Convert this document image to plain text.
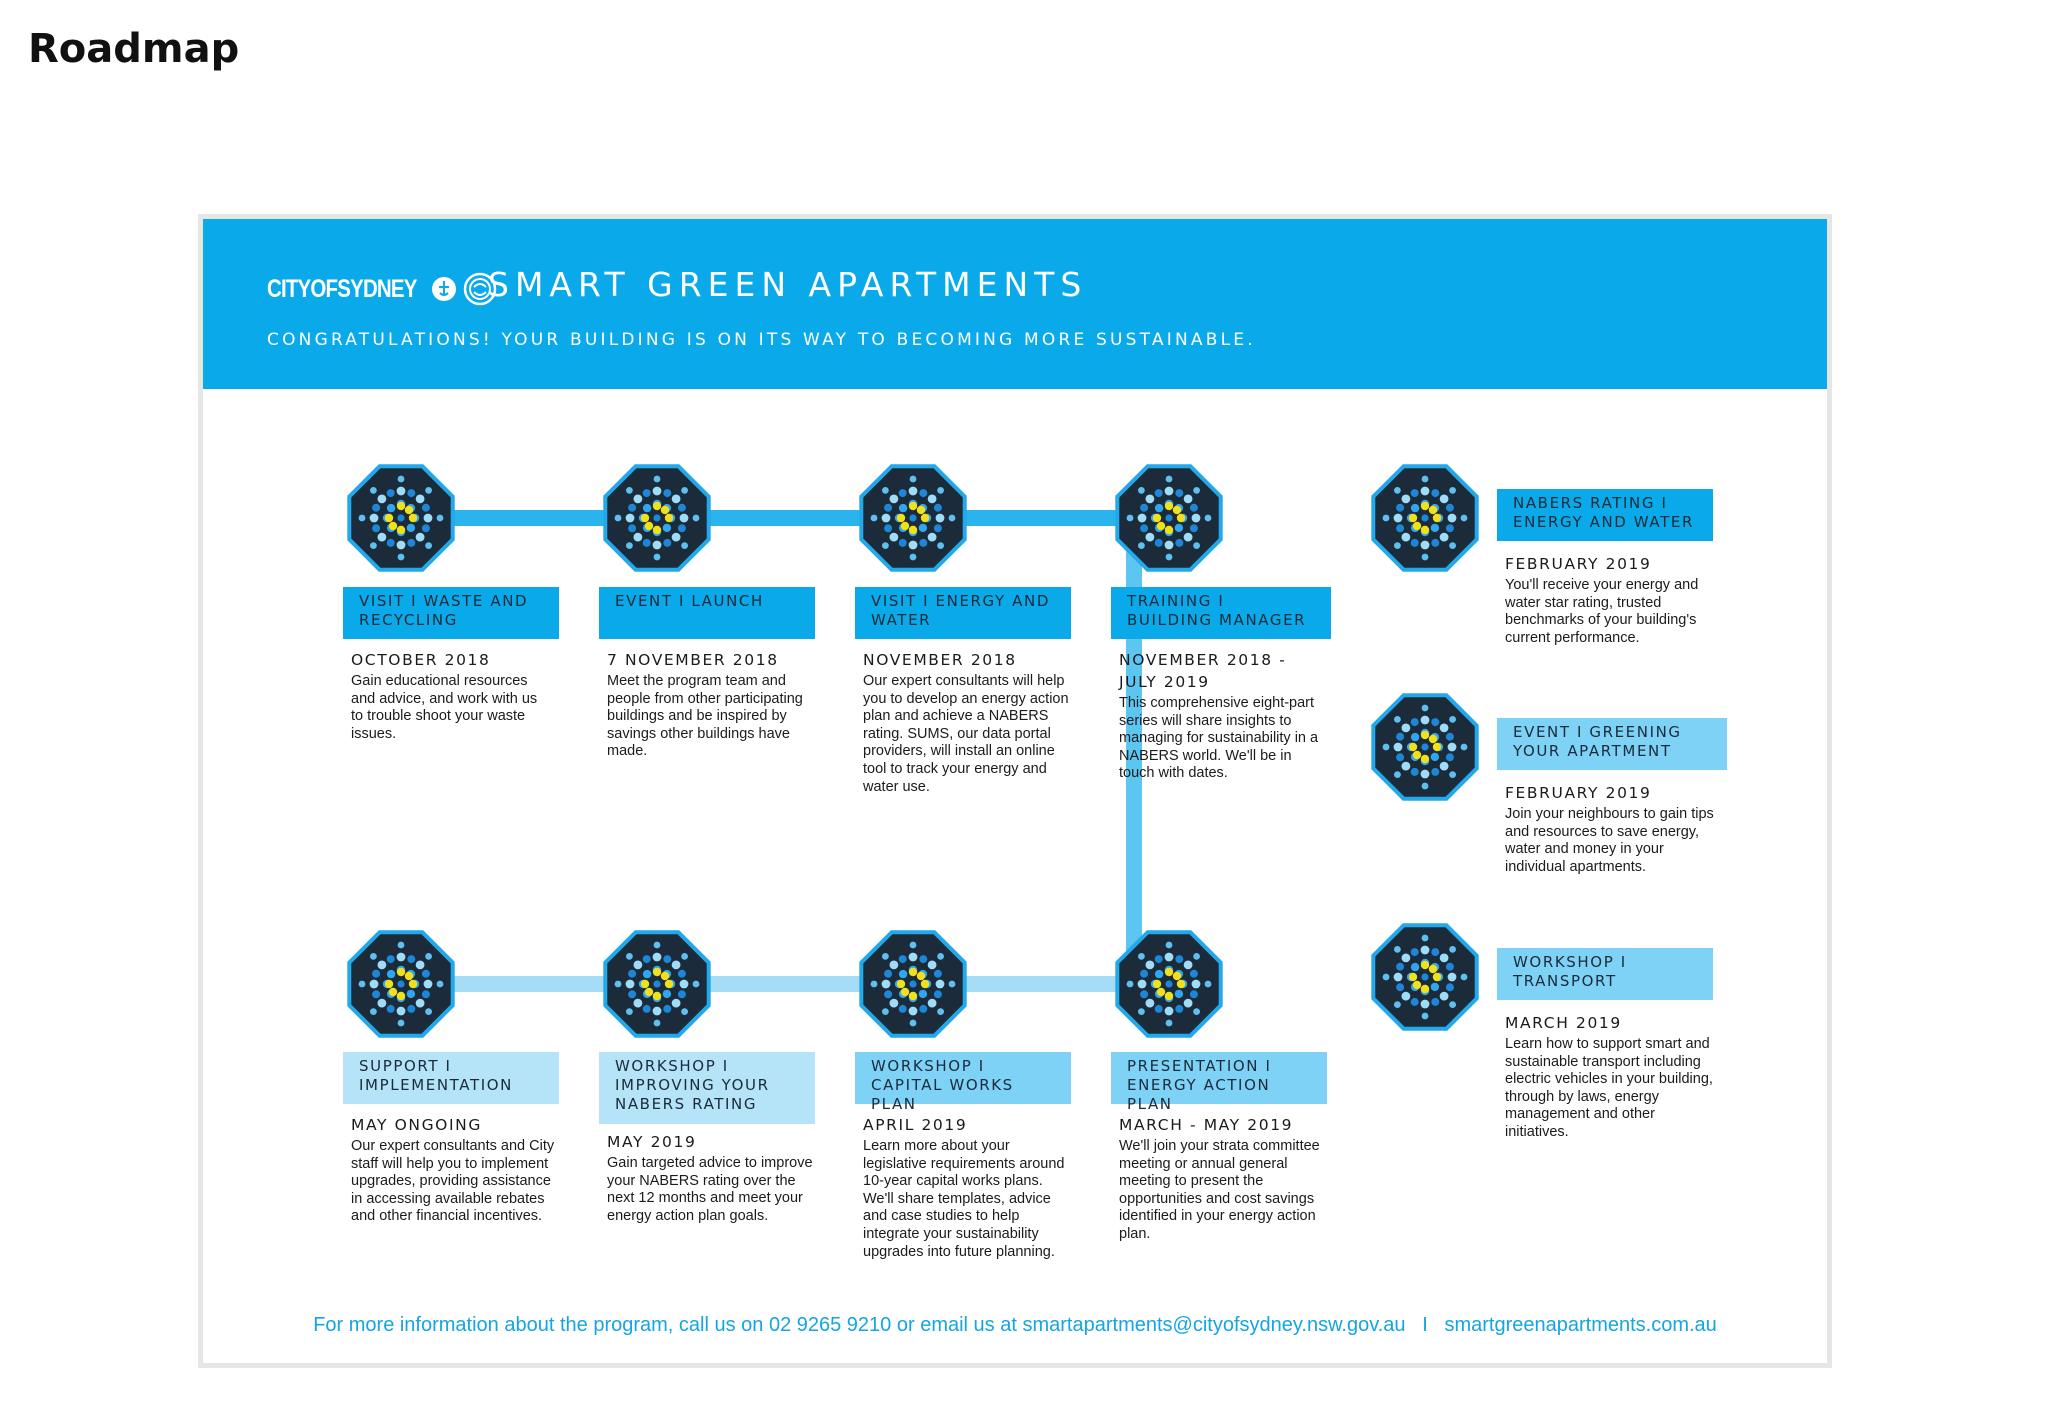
Roadmap
CITYOFSYDNEY SMART GREEN APARTMENTS

CONGRATULATIONS! YOUR BUILDING IS ON ITS WAY TO BECOMING MORE SUSTAINABLE.

VISIT I WASTE AND RECYCLING

OCTOBER 2018

Gain educational resources and advice, and work with us to trouble shoot your waste issues.

EVENT I LAUNCH

7 NOVEMBER 2018

Meet the program team and people from other participating buildings and be inspired by savings other buildings have made.

VISIT I ENERGY AND WATER

NOVEMBER 2018

Our expert consultants will help you to develop an energy action plan and achieve a NABERS rating. SUMS, our data portal providers, will install an online tool to track your energy and water use.

TRAINING I BUILDING MANAGER

NOVEMBER 2018 -
JULY 2019

This comprehensive eight-part series will share insights to managing for sustainability in a NABERS world. We'll be in touch with dates.

NABERS RATING I ENERGY AND WATER

FEBRUARY 2019

You'll receive your energy and water star rating, trusted benchmarks of your building's current performance.

EVENT I GREENING YOUR APARTMENT

FEBRUARY 2019

Join your neighbours to gain tips and resources to save energy, water and money in your individual apartments.

WORKSHOP I TRANSPORT

MARCH 2019

Learn how to support smart and sustainable transport including electric vehicles in your building, through by laws, energy management and other initiatives.

PRESENTATION I ENERGY ACTION PLAN

MARCH - MAY 2019

We'll join your strata committee meeting or annual general meeting to present the opportunities and cost savings identified in your energy action plan.

WORKSHOP I CAPITAL WORKS PLAN

APRIL 2019

Learn more about your legislative requirements around 10-year capital works plans. We'll share templates, advice and case studies to help integrate your sustainability upgrades into future planning.

WORKSHOP I IMPROVING YOUR NABERS RATING

MAY 2019

Gain targeted advice to improve your NABERS rating over the next 12 months and meet your energy action plan goals.

SUPPORT I IMPLEMENTATION

MAY ONGOING

Our expert consultants and City staff will help you to implement upgrades, providing assistance in accessing available rebates and other financial incentives.

For more information about the program, call us on 02 9265 9210 or email us at smartapartments@cityofsydney.nsw.gov.au I smartgreenapartments.com.au
